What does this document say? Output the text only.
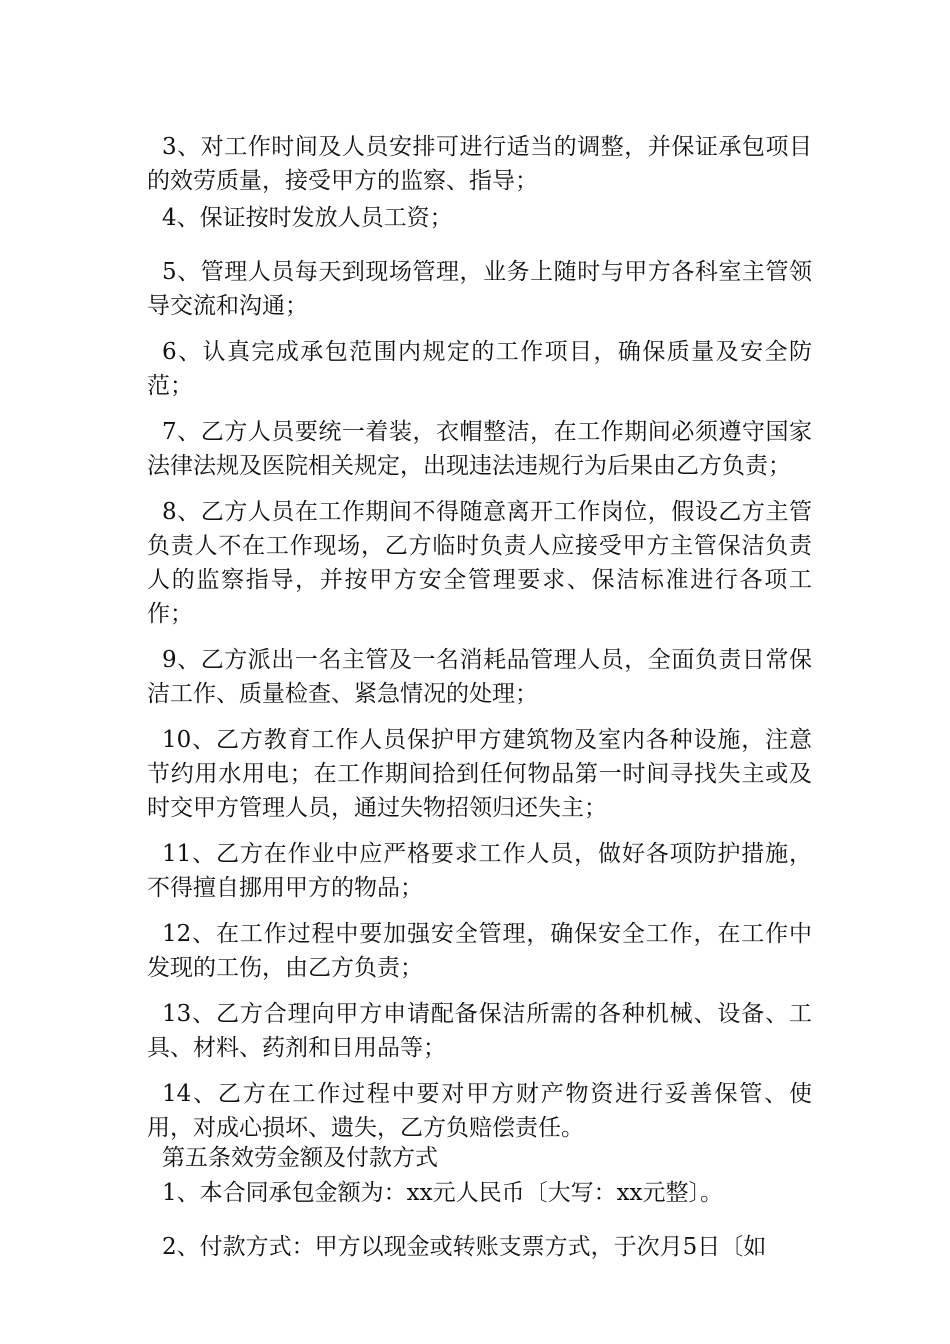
3、对工作时间及人员安排可进行适当的调整，并保证承包项目的效劳质量，接受甲方的监察、指导；

4、保证按时发放人员工资；

5、管理人员每天到现场管理，业务上随时与甲方各科室主管领导交流和沟通；

6、认真完成承包范围内规定的工作项目，确保质量及安全防范；

7、乙方人员要统一着装，衣帽整洁，在工作期间必须遵守国家法律法规及医院相关规定，出现违法违规行为后果由乙方负责；

8、乙方人员在工作期间不得随意离开工作岗位，假设乙方主管负责人不在工作现场，乙方临时负责人应接受甲方主管保洁负责人的监察指导，并按甲方安全管理要求、保洁标准进行各项工作；

9、乙方派出一名主管及一名消耗品管理人员，全面负责日常保洁工作、质量检查、紧急情况的处理；

10、乙方教育工作人员保护甲方建筑物及室内各种设施，注意节约用水用电；在工作期间拾到任何物品第一时间寻找失主或及时交甲方管理人员，通过失物招领归还失主；

11、乙方在作业中应严格要求工作人员，做好各项防护措施，不得擅自挪用甲方的物品；

12、在工作过程中要加强安全管理，确保安全工作，在工作中发现的工伤，由乙方负责；

13、乙方合理向甲方申请配备保洁所需的各种机械、设备、工具、材料、药剂和日用品等；

14、乙方在工作过程中要对甲方财产物资进行妥善保管、使用，对成心损坏、遗失，乙方负赔偿责任。

第五条效劳金额及付款方式

1、本合同承包金额为：xx元人民币〔大写：xx元整〕。

2、付款方式：甲方以现金或转账支票方式，于次月5日〔如
